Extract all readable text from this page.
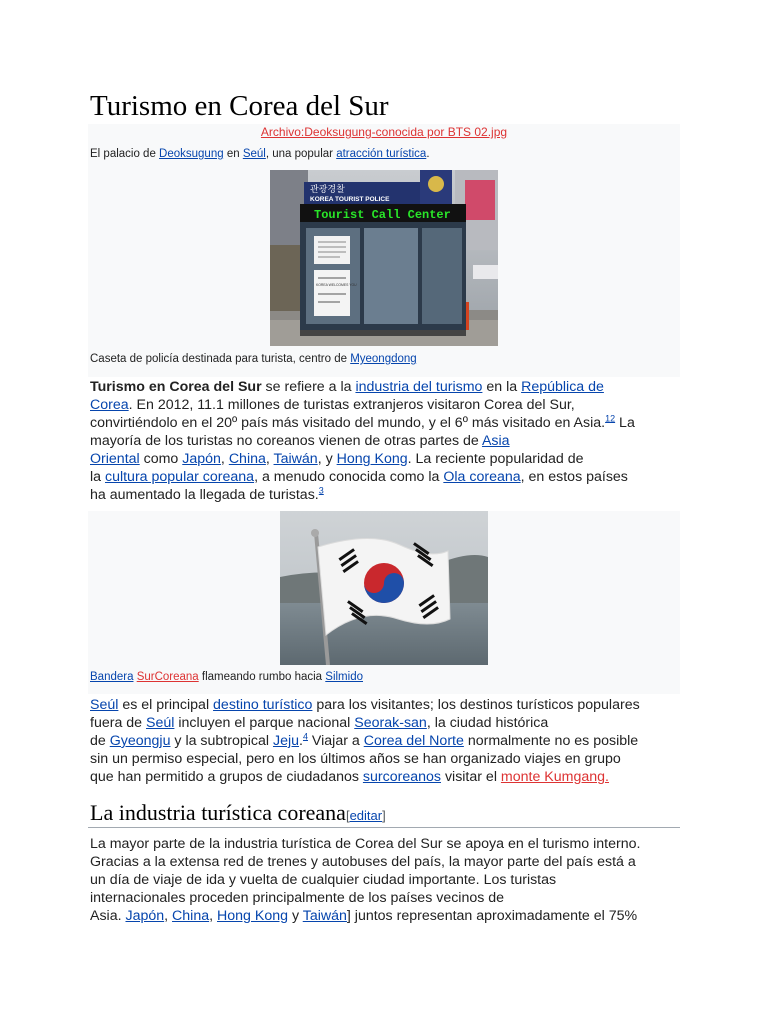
Turismo en Corea del Sur
Archivo:Deoksugung-conocida por BTS 02.jpg
El palacio de Deoksugung en Seúl, una popular atracción turística.
관광경찰
KOREA TOURIST POLICE
Tourist Call Center
KOREA WELCOMES YOU
Caseta de policía destinada para turista, centro de Myeongdong

Turismo en Corea del Sur se refiere a la industria del turismo en la República de
Corea. En 2012, 11.1 millones de turistas extranjeros visitaron Corea del Sur,
convirtiéndolo en el 20º país más visitado del mundo, y el 6º más visitado en Asia.$^{12}$ La
mayoría de los turistas no coreanos vienen de otras partes de Asia
Oriental como Japón, China, Taiwán, y Hong Kong. La reciente popularidad de
la cultura popular coreana, a menudo conocida como la Ola coreana, en estos países
ha aumentado la llegada de turistas.$^3$

Bandera SurCoreana flameando rumbo hacia Silmido

Seúl es el principal destino turístico para los visitantes; los destinos turísticos populares
fuera de Seúl incluyen el parque nacional Seorak-san, la ciudad histórica
de Gyeongju y la subtropical Jeju.$^4$ Viajar a Corea del Norte normalmente no es posible
sin un permiso especial, pero en los últimos años se han organizado viajes en grupo
que han permitido a grupos de ciudadanos surcoreanos visitar el monte Kumgang.

La industria turística coreana[editar]

La mayor parte de la industria turística de Corea del Sur se apoya en el turismo interno.
Gracias a la extensa red de trenes y autobuses del país, la mayor parte del país está a
un día de viaje de ida y vuelta de cualquier ciudad importante. Los turistas
internacionales proceden principalmente de los países vecinos de
Asia. Japón, China, Hong Kong y Taiwán] juntos representan aproximadamente el 75%
